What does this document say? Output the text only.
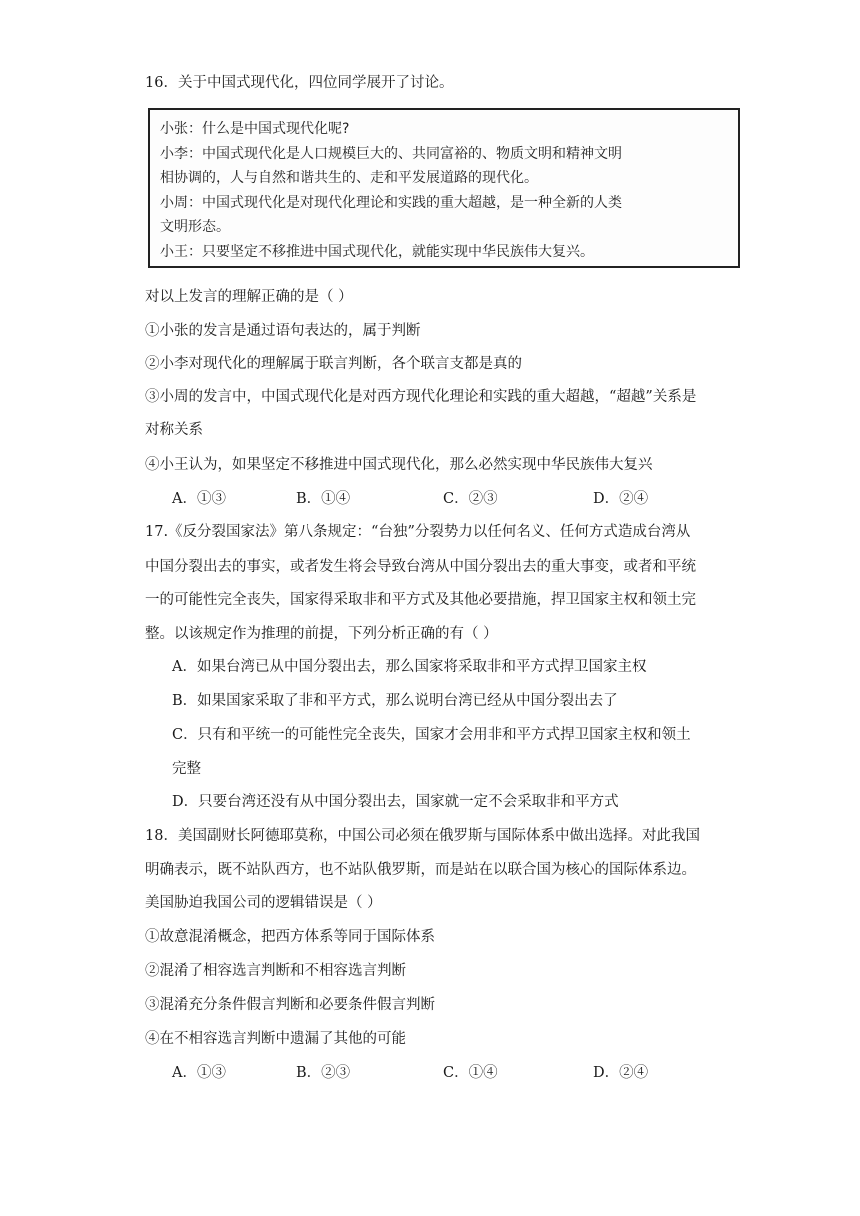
16．关于中国式现代化，四位同学展开了讨论。
小张：什么是中国式现代化呢?
小李：中国式现代化是人口规模巨大的、共同富裕的、物质文明和精神文明
相协调的，人与自然和谐共生的、走和平发展道路的现代化。
小周：中国式现代化是对现代化理论和实践的重大超越，是一种全新的人类
文明形态。
小王：只要坚定不移推进中国式现代化，就能实现中华民族伟大复兴。
对以上发言的理解正确的是（ ）
①小张的发言是通过语句表达的，属于判断
②小李对现代化的理解属于联言判断，各个联言支都是真的
③小周的发言中，中国式现代化是对西方现代化理论和实践的重大超越，“超越”关系是
对称关系
④小王认为，如果坚定不移推进中国式现代化，那么必然实现中华民族伟大复兴
A．①③	B．①④	C．②③	D．②④
17.《反分裂国家法》第八条规定：“台独”分裂势力以任何名义、任何方式造成台湾从
中国分裂出去的事实，或者发生将会导致台湾从中国分裂出去的重大事变，或者和平统
一的可能性完全丧失，国家得采取非和平方式及其他必要措施，捍卫国家主权和领土完
整。以该规定作为推理的前提，下列分析正确的有（ ）
A．如果台湾已从中国分裂出去，那么国家将采取非和平方式捍卫国家主权
B．如果国家采取了非和平方式，那么说明台湾已经从中国分裂出去了
C．只有和平统一的可能性完全丧失，国家才会用非和平方式捍卫国家主权和领土
完整
D．只要台湾还没有从中国分裂出去，国家就一定不会采取非和平方式
18．美国副财长阿德耶莫称，中国公司必须在俄罗斯与国际体系中做出选择。对此我国
明确表示，既不站队西方，也不站队俄罗斯，而是站在以联合国为核心的国际体系边。
美国胁迫我国公司的逻辑错误是（ ）
①故意混淆概念，把西方体系等同于国际体系
②混淆了相容选言判断和不相容选言判断
③混淆充分条件假言判断和必要条件假言判断
④在不相容选言判断中遗漏了其他的可能
A．①③	B．②③	C．①④	D．②④
